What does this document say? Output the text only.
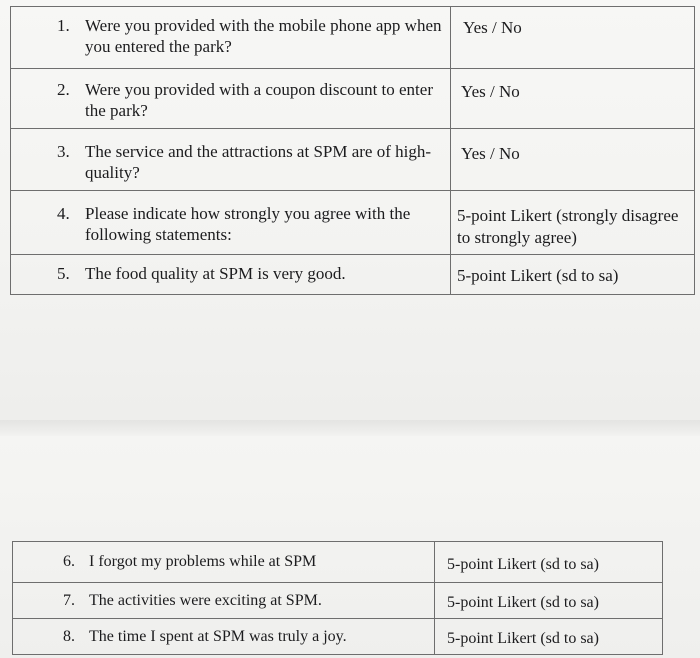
1. Were you provided with the mobile phone app when you entered the park?	Yes / No

2. Were you provided with a coupon discount to enter the park?	Yes / No

3. The service and the attractions at SPM are of high-quality?	Yes / No

4. Please indicate how strongly you agree with the following statements:	5-point Likert (strongly disagree to strongly agree)

5. The food quality at SPM is very good.	5-point Likert (sd to sa)
6. I forgot my problems while at SPM	5-point Likert (sd to sa)

7. The activities were exciting at SPM.	5-point Likert (sd to sa)

8. The time I spent at SPM was truly a joy.	5-point Likert (sd to sa)
